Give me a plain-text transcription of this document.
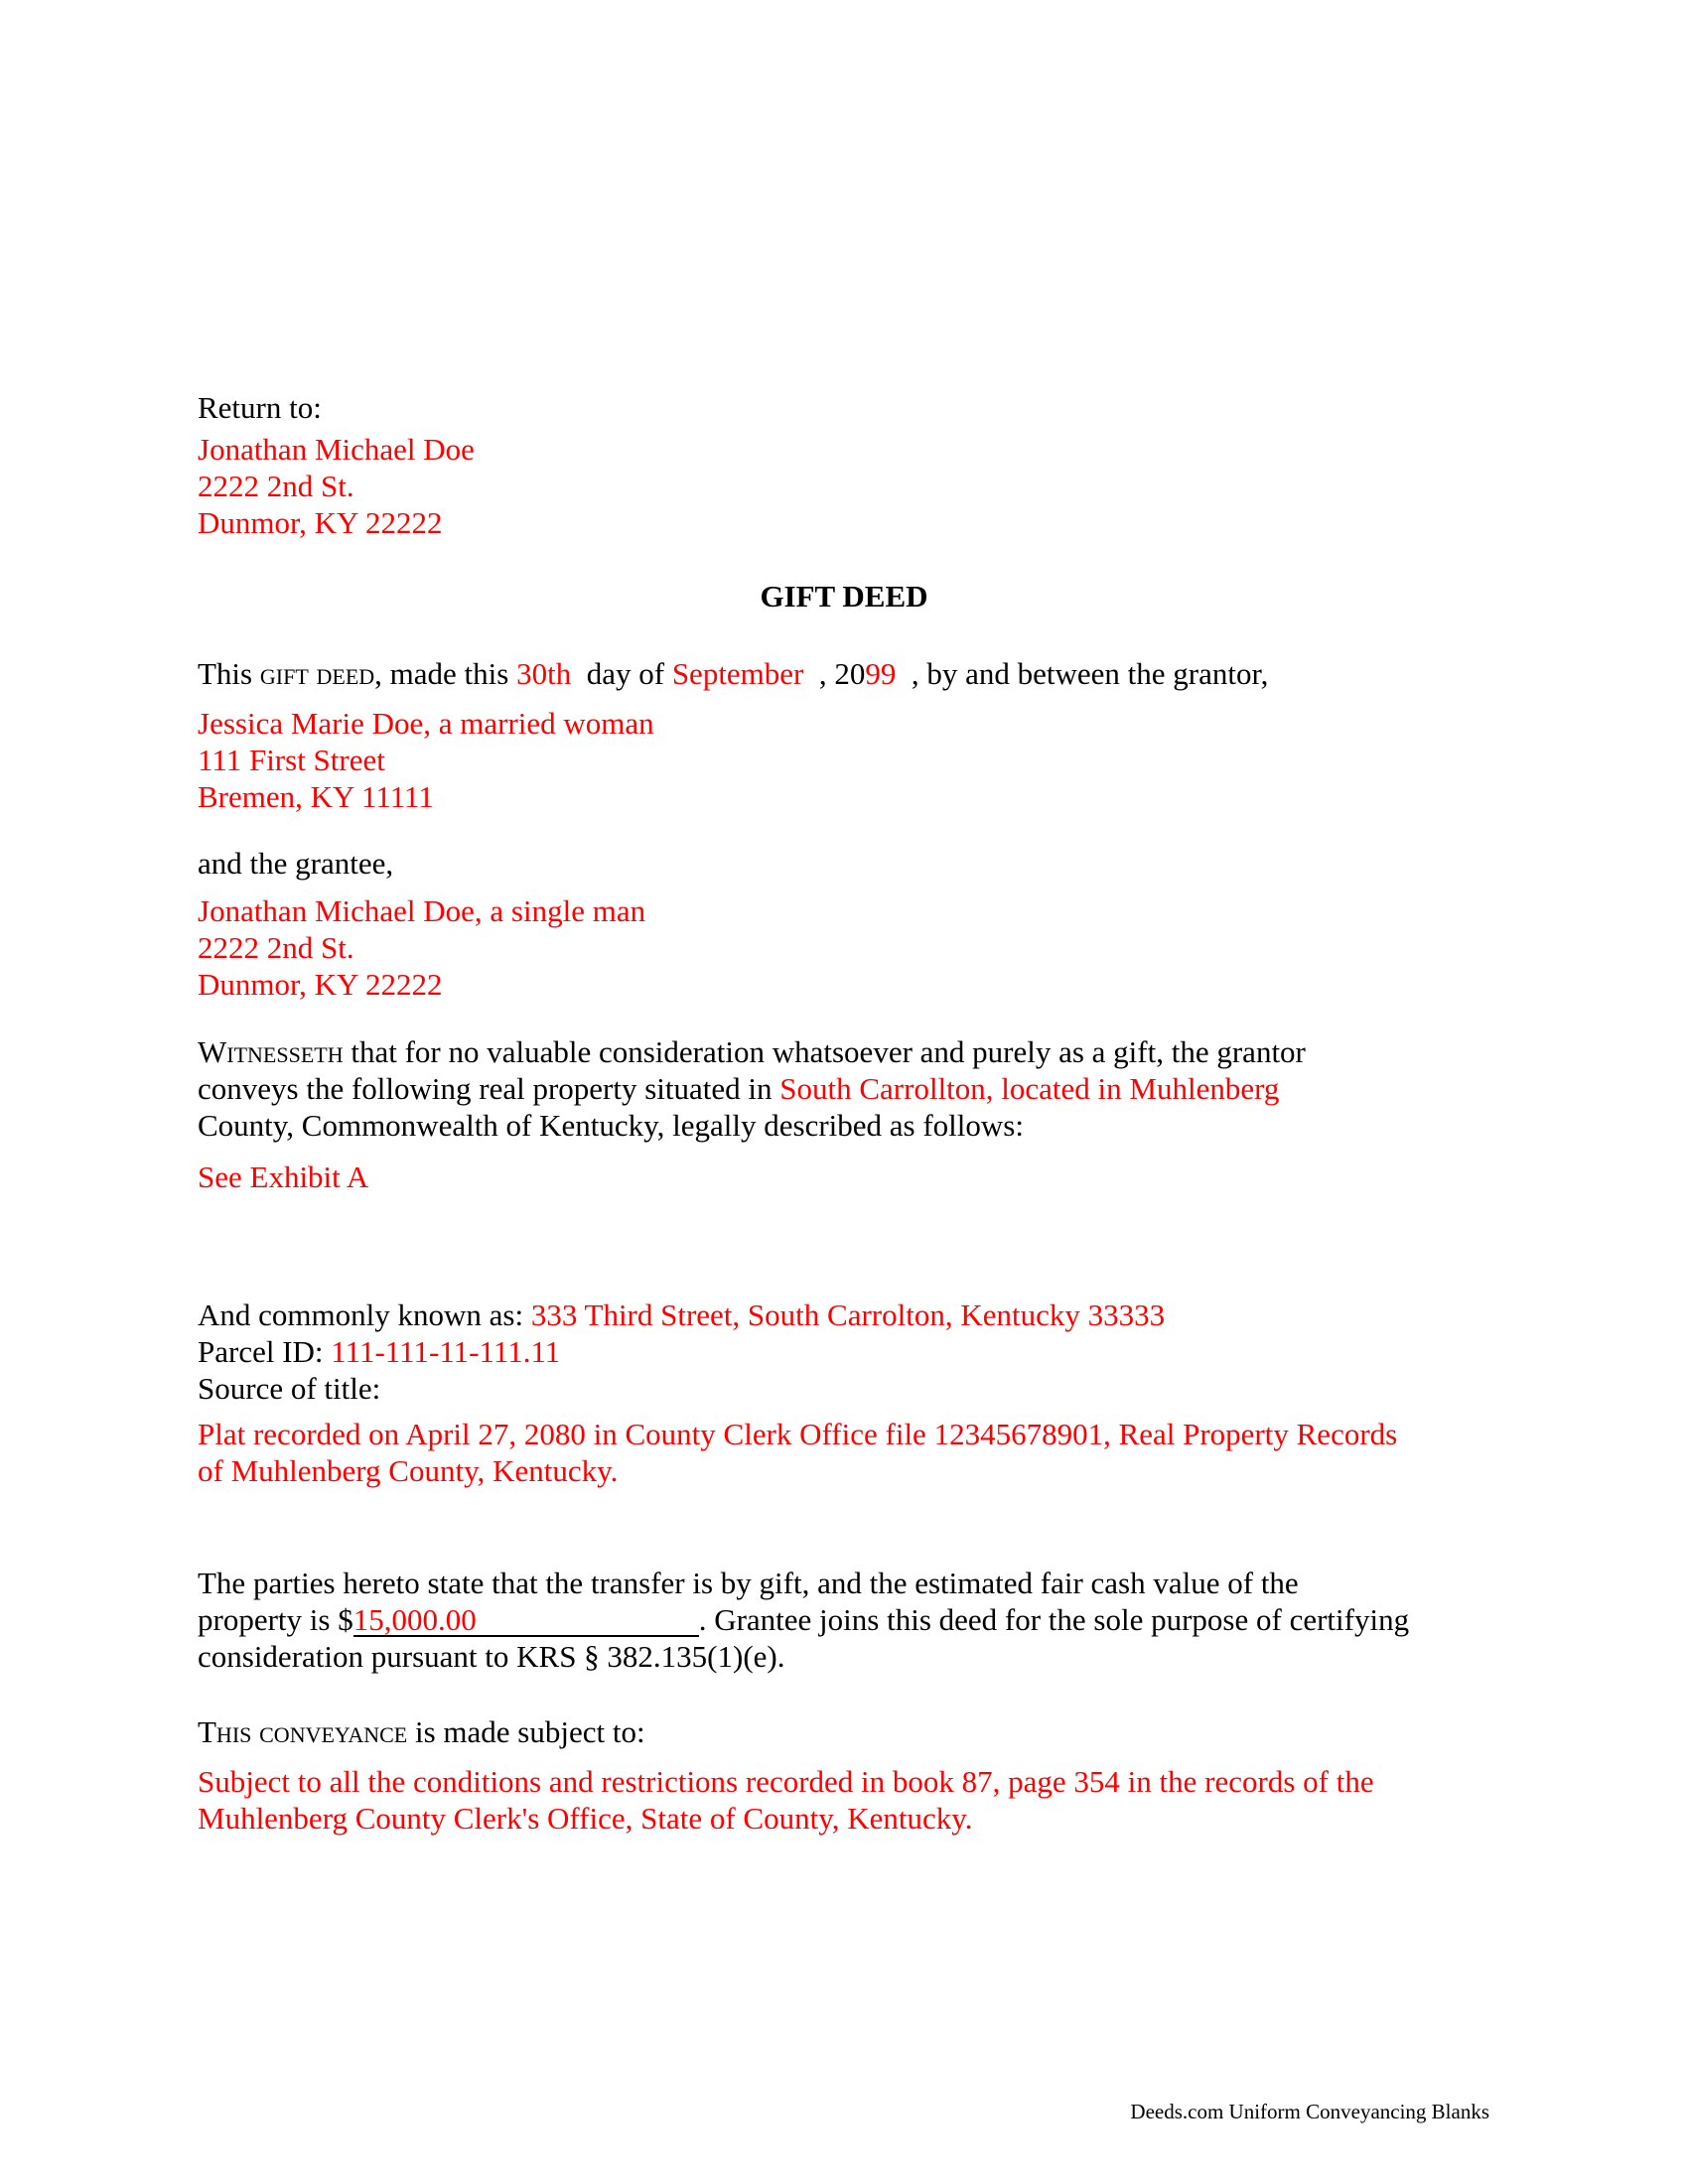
Return to:
Jonathan Michael Doe
2222 2nd St.
Dunmor, KY 22222
GIFT DEED
This gift deed, made this 30th day of September , 2099 , by and between the grantor,
Jessica Marie Doe, a married woman
111 First Street
Bremen, KY 11111
and the grantee,
Jonathan Michael Doe, a single man
2222 2nd St.
Dunmor, KY 22222
Witnesseth that for no valuable consideration whatsoever and purely as a gift, the grantor
conveys the following real property situated in South Carrollton, located in Muhlenberg
County, Commonwealth of Kentucky, legally described as follows:
See Exhibit A
And commonly known as: 333 Third Street, South Carrolton, Kentucky 33333
Parcel ID: 111-111-11-111.11
Source of title:
Plat recorded on April 27, 2080 in County Clerk Office file 12345678901, Real Property Records
of Muhlenberg County, Kentucky.
The parties hereto state that the transfer is by gift, and the estimated fair cash value of the
property is $15,000.00	. Grantee joins this deed for the sole purpose of certifying
consideration pursuant to KRS § 382.135(1)(e).
This conveyance is made subject to:
Subject to all the conditions and restrictions recorded in book 87, page 354 in the records of the
Muhlenberg County Clerk's Office, State of County, Kentucky.
Deeds.com Uniform Conveyancing Blanks
